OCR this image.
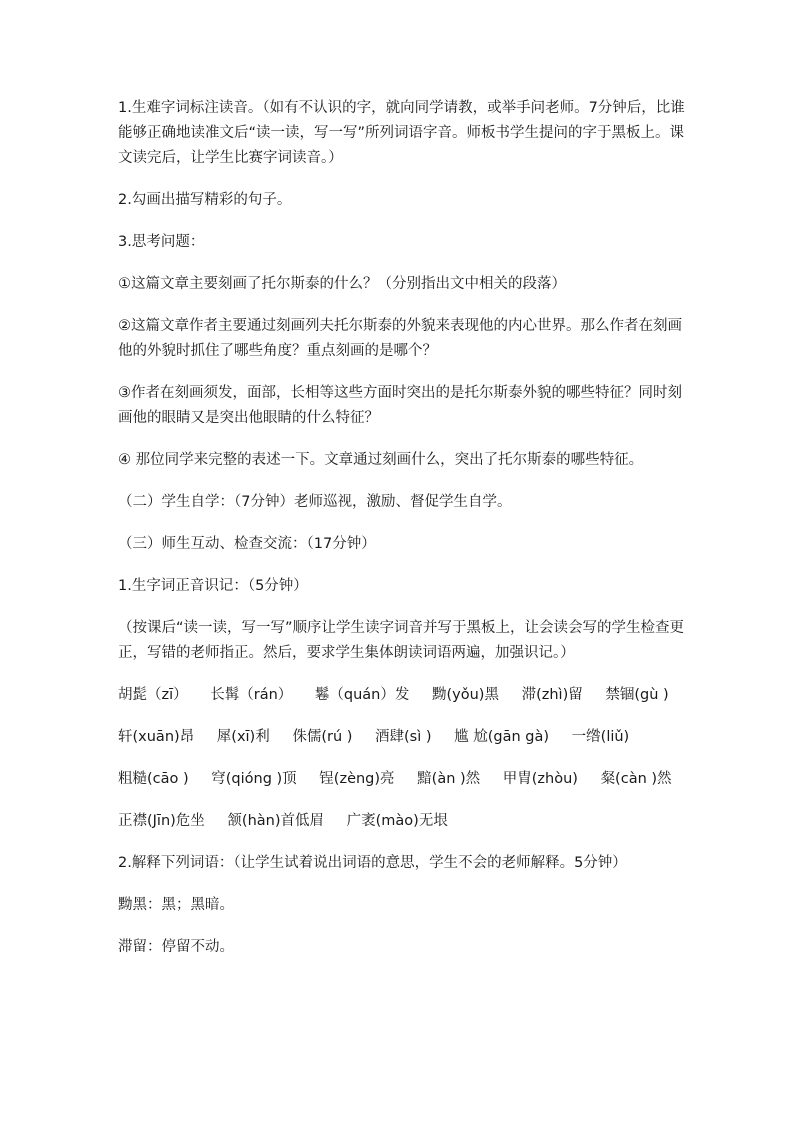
1.生难字词标注读音。（如有不认识的字，就向同学请教，或举手问老师。7分钟后，比谁能够正确地读准文后“读一读，写一写”所列词语字音。师板书学生提问的字于黑板上。课文读完后，让学生比赛字词读音。）

2.勾画出描写精彩的句子。

3.思考问题：

①这篇文章主要刻画了托尔斯泰的什么？（分别指出文中相关的段落）

②这篇文章作者主要通过刻画列夫托尔斯泰的外貌来表现他的内心世界。那么作者在刻画他的外貌时抓住了哪些角度？重点刻画的是哪个？

③作者在刻画须发，面部，长相等这些方面时突出的是托尔斯泰外貌的哪些特征？同时刻画他的眼睛又是突出他眼睛的什么特征？

④ 那位同学来完整的表述一下。文章通过刻画什么，突出了托尔斯泰的哪些特征。

（二）学生自学：（7分钟）老师巡视，激励、督促学生自学。

（三）师生互动、检查交流：（17分钟）

1.生字词正音识记：（5分钟）

（按课后“读一读，写一写”顺序让学生读字词音并写于黑板上，让会读会写的学生检查更正，写错的老师指正。然后，要求学生集体朗读词语两遍，加强识记。）

胡髭（zī） 长髯（rán） 鬈（quán）发 黝(yǒu)黑 滞(zhì)留 禁锢(gù )
轩(xuān)昂 犀(xī)利 侏儒(rú ) 酒肆(sì ) 尴 尬(gān gà) 一绺(liǔ)
粗糙(cāo ) 穹(qióng )顶 锃(zèng)亮 黯(àn )然 甲胄(zhòu) 粲(càn )然
正襟(Jīn)危坐 颔(hàn)首低眉 广袤(mào)无垠

2.解释下列词语：（让学生试着说出词语的意思，学生不会的老师解释。5分钟）

黝黑：黑；黑暗。

滞留：停留不动。
